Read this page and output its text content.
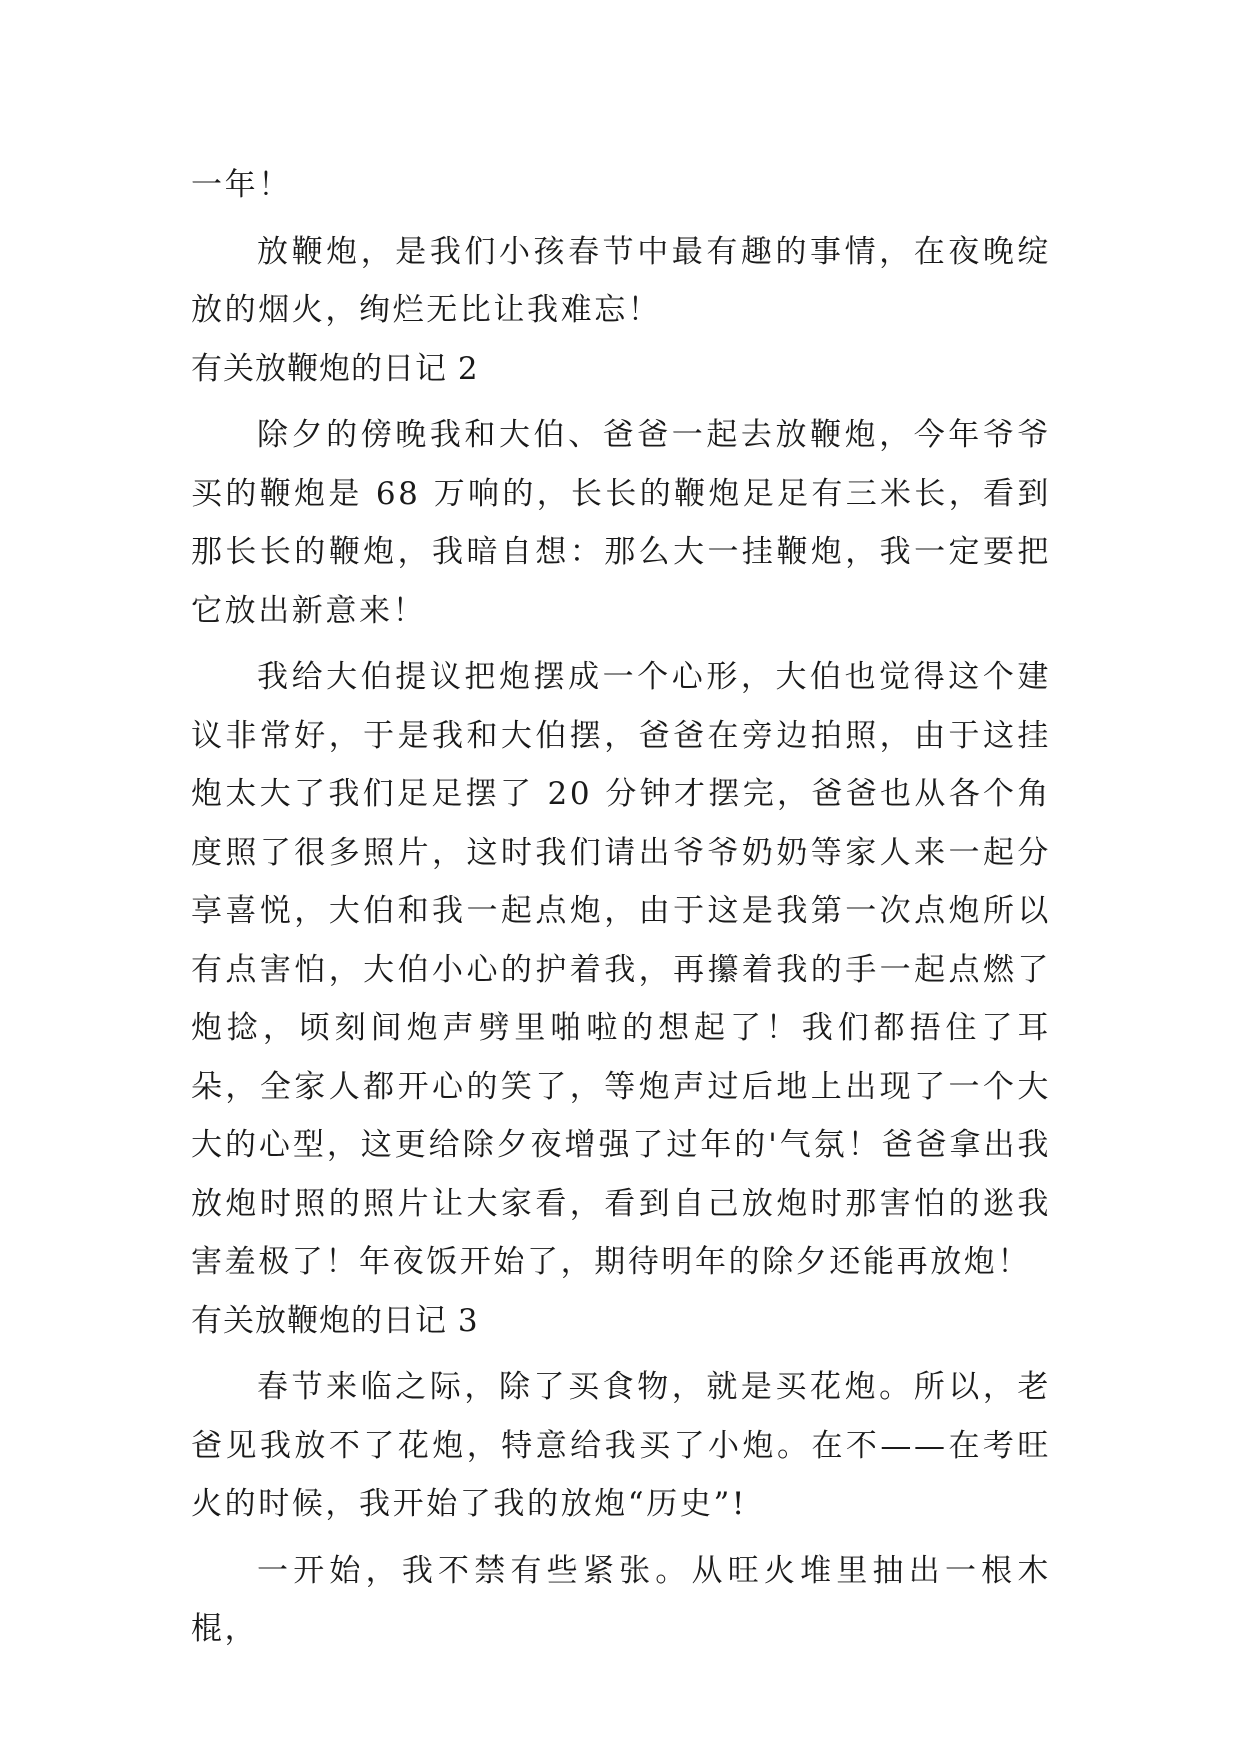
一年！

放鞭炮，是我们小孩春节中最有趣的事情，在夜晚绽放的烟火，绚烂无比让我难忘！

有关放鞭炮的日记 2

除夕的傍晚我和大伯、爸爸一起去放鞭炮，今年爷爷买的鞭炮是 68 万响的，长长的鞭炮足足有三米长，看到那长长的鞭炮，我暗自想：那么大一挂鞭炮，我一定要把它放出新意来！

我给大伯提议把炮摆成一个心形，大伯也觉得这个建议非常好，于是我和大伯摆，爸爸在旁边拍照，由于这挂炮太大了我们足足摆了 20 分钟才摆完，爸爸也从各个角度照了很多照片，这时我们请出爷爷奶奶等家人来一起分享喜悦，大伯和我一起点炮，由于这是我第一次点炮所以有点害怕，大伯小心的护着我，再攥着我的手一起点燃了炮捻，顷刻间炮声劈里啪啦的想起了！我们都捂住了耳朵，全家人都开心的笑了，等炮声过后地上出现了一个大大的心型，这更给除夕夜增强了过年的'气氛！爸爸拿出我放炮时照的照片让大家看，看到自己放炮时那害怕的逖我害羞极了！年夜饭开始了，期待明年的除夕还能再放炮！

有关放鞭炮的日记 3

春节来临之际，除了买食物，就是买花炮。所以，老爸见我放不了花炮，特意给我买了小炮。在不——在考旺火的时候，我开始了我的放炮“历史”!

一开始，我不禁有些紧张。从旺火堆里抽出一根木棍，
